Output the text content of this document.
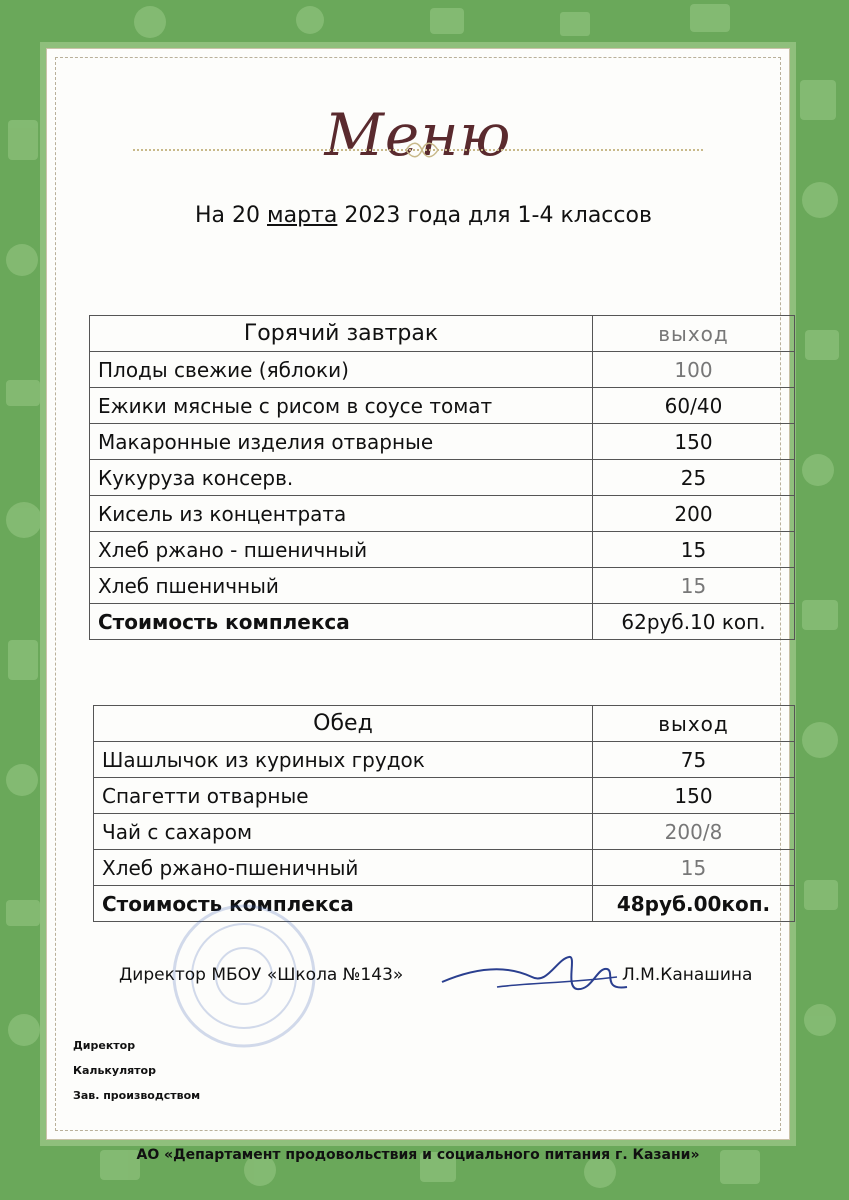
Меню
На 20 марта 2023 года для 1-4 классов
Горячий завтрак	выход
Плоды свежие (яблоки)	100
Ежики мясные с рисом в соусе томат	60/40
Макаронные изделия отварные	150
Кукуруза консерв.	25
Кисель из концентрата	200
Хлеб ржано - пшеничный	15
Хлеб пшеничный	15
Стоимость комплекса	62руб.10 коп.
Обед	выход
Шашлычок из куриных грудок	75
Спагетти отварные	150
Чай с сахаром	200/8
Хлеб ржано-пшеничный	15
Стоимость комплекса	48руб.00коп.
Директор МБОУ «Школа №143»	Л.М.Канашина
Директор
Калькулятор
Зав. производством
АО «Департамент продовольствия и социального питания г. Казани»
